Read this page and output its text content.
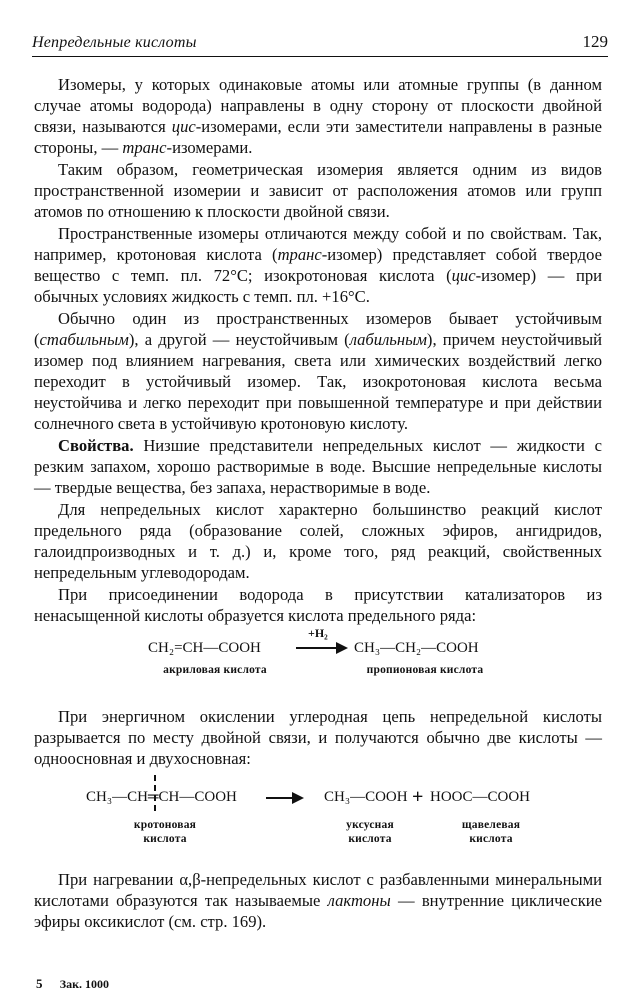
Непредельные кислоты	129

Изомеры, у которых одинаковые атомы или атомные группы (в данном случае атомы водорода) направлены в одну сторону от плоскости двойной связи, называются цис-изомерами, если эти заместители направлены в разные стороны, — транс-изомерами.

Таким образом, геометрическая изомерия является одним из видов пространственной изомерии и зависит от расположения атомов или групп атомов по отношению к плоскости двойной связи.

Пространственные изомеры отличаются между собой и по свойствам. Так, например, кротоновая кислота (транс-изомер) представляет собой твердое вещество с темп. пл. 72°С; изокротоновая кислота (цис-изомер) — при обычных условиях жидкость с темп. пл. +16°С.

Обычно один из пространственных изомеров бывает устойчивым (стабильным), а другой — неустойчивым (лабильным), причем неустойчивый изомер под влиянием нагревания, света или химических воздействий легко переходит в устойчивый изомер. Так, изокротоновая кислота весьма неустойчива и легко переходит при повышенной температуре и при действии солнечного света в устойчивую кротоновую кислоту.

Свойства. Низшие представители непредельных кислот — жидкости с резким запахом, хорошо растворимые в воде. Высшие непредельные кислоты — твердые вещества, без запаха, нерастворимые в воде.

Для непредельных кислот характерно большинство реакций кислот предельного ряда (образование солей, сложных эфиров, ангидридов, галоидпроизводных и т. д.) и, кроме того, ряд реакций, свойственных непредельным углеводородам.

При присоединении водорода в присутствии катализаторов из ненасыщенной кислоты образуется кислота предельного ряда:

CH₂=CH—COOH
+H₂
CH₃—CH₂—COOH
акриловая кислота	пропионовая кислота

При энергичном окислении углеродная цепь непредельной кислоты разрывается по месту двойной связи, и получаются обычно две кислоты — одноосновная и двухосновная:

CH₃—CH═CH—COOH	CH₃—COOH + HOOC—COOH
кротоновая
кислота
уксусная
кислота
щавелевая
кислота

При нагревании α,β-непредельных кислот с разбавленными минеральными кислотами образуются так называемые лактоны — внутренние циклические эфиры оксикислот (см. стр. 169).

5 Зак. 1000
